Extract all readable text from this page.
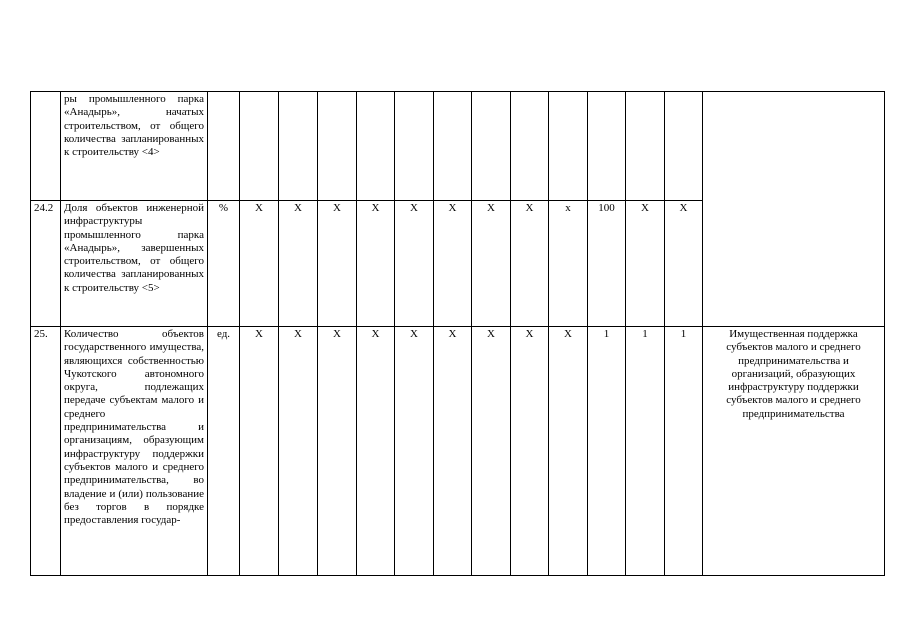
	ры промышленного парка «Анадырь», начатых строительством, от общего количества запланированных к строительству <4>														
24.2	Доля объектов инженерной инфраструктуры промышленного парка «Анадырь», завершенных строительством, от общего количества запланированных к строительству <5>	%	X	X	X	X	X	X	X	X	x	100	X	X	
25.	Количество объектов государственного имущества, являющихся собственностью Чукотского автономного округа, подлежащих передаче субъектам малого и среднего предпринимательства и организациям, образующим инфраструктуру поддержки субъектов малого и среднего предпринимательства, во владение и (или) пользование без торгов в порядке предоставления государ-	ед.	X	X	X	X	X	X	X	X	X	1	1	1	Имущественная поддержка субъектов малого и среднего предпринимательства и организаций, образующих инфраструктуру поддержки субъектов малого и среднего предпринимательства
